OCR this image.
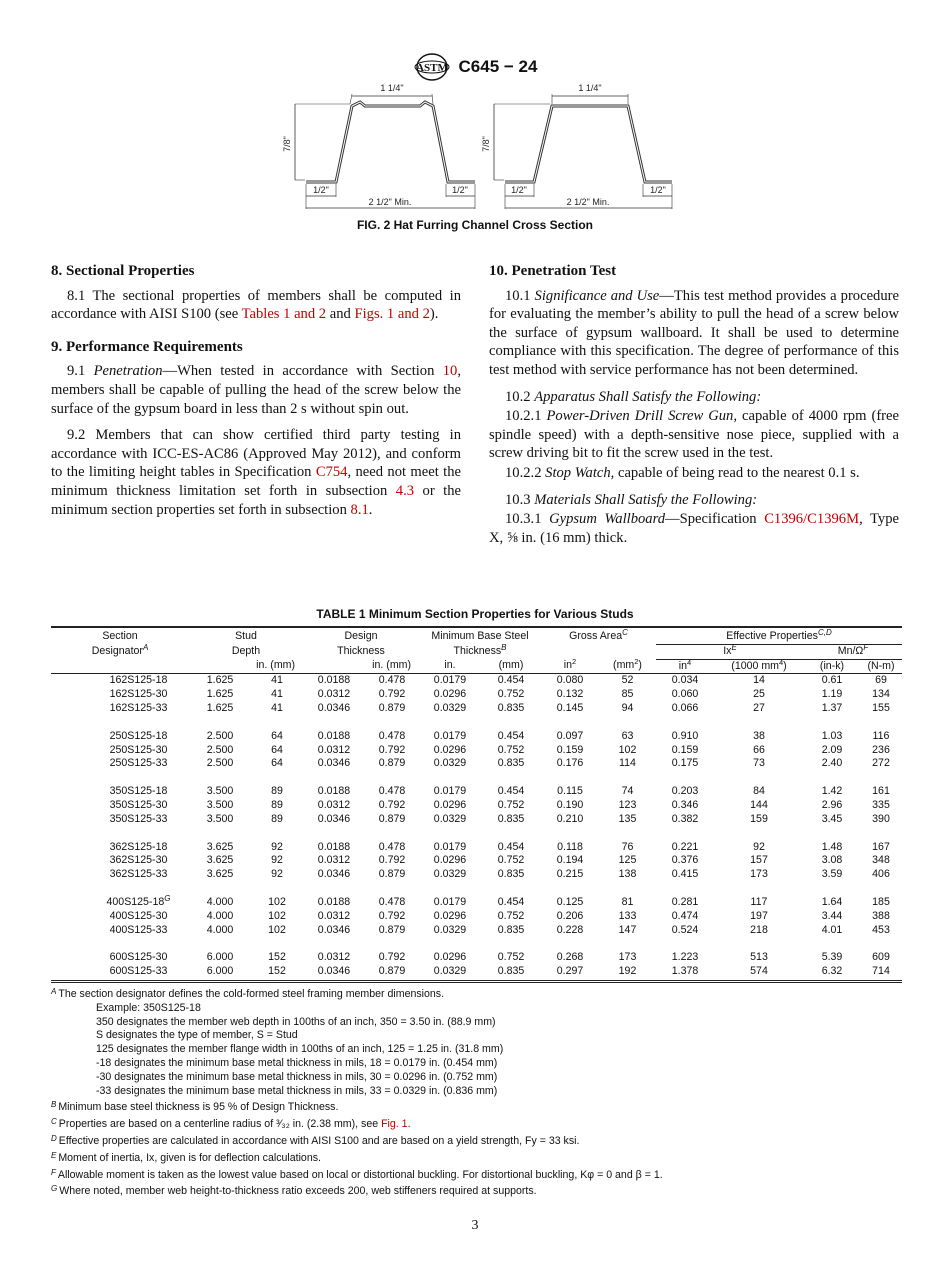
ASTM C645 − 24
1 1/4"
7/8"
1/2"	1/2"
2 1/2" Min.
1 1/4"
7/8"
1/2"	1/2"
2 1/2" Min.
FIG. 2 Hat Furring Channel Cross Section
8. Sectional Properties

8.1 The sectional properties of members shall be computed in accordance with AISI S100 (see Tables 1 and 2 and Figs. 1 and 2).

9. Performance Requirements

9.1 Penetration—When tested in accordance with Section 10, members shall be capable of pulling the head of the screw below the surface of the gypsum board in less than 2 s without spin out.

9.2 Members that can show certified third party testing in accordance with ICC-ES-AC86 (Approved May 2012), and conform to the limiting height tables in Specification C754, need not meet the minimum thickness limitation set forth in subsection 4.3 or the minimum section properties set forth in subsection 8.1.

10. Penetration Test

10.1 Significance and Use—This test method provides a procedure for evaluating the member’s ability to pull the head of a screw below the surface of gypsum wallboard. It shall be used to determine compliance with this specification. The degree of performance of this test method with service performance has not been determined.

10.2 Apparatus Shall Satisfy the Following:

10.2.1 Power-Driven Drill Screw Gun, capable of 4000 rpm (free spindle speed) with a depth-sensitive nose piece, supplied with a screw driving bit to fit the screw used in the test.

10.2.2 Stop Watch, capable of being read to the nearest 0.1 s.

10.3 Materials Shall Satisfy the Following:

10.3.1 Gypsum Wallboard—Specification C1396/C1396M, Type X, ⅝ in. (16 mm) thick.

TABLE 1 Minimum Section Properties for Various Studs
Section	Stud		Design		Minimum Base Steel		Gross Area$^C$		Effective Properties$^{C,D}$
Designator$^A$	Depth		Thickness		Thickness$^B$				Ix$^E$		Mn/Ω$^F$
	in. (mm)		in. (mm)		in.	(mm)	$in^2$	$(mm^2)$	$in^4$	(1000 $mm^4$)	(in-k)	(N-m)
162S125-18	1.625	41	0.0188	0.478	0.0179	0.454	0.080	52	0.034	14	0.61	69
162S125-30	1.625	41	0.0312	0.792	0.0296	0.752	0.132	85	0.060	25	1.19	134
162S125-33	1.625	41	0.0346	0.879	0.0329	0.835	0.145	94	0.066	27	1.37	155

250S125-18	2.500	64	0.0188	0.478	0.0179	0.454	0.097	63	0.910	38	1.03	116
250S125-30	2.500	64	0.0312	0.792	0.0296	0.752	0.159	102	0.159	66	2.09	236
250S125-33	2.500	64	0.0346	0.879	0.0329	0.835	0.176	114	0.175	73	2.40	272

350S125-18	3.500	89	0.0188	0.478	0.0179	0.454	0.115	74	0.203	84	1.42	161
350S125-30	3.500	89	0.0312	0.792	0.0296	0.752	0.190	123	0.346	144	2.96	335
350S125-33	3.500	89	0.0346	0.879	0.0329	0.835	0.210	135	0.382	159	3.45	390

362S125-18	3.625	92	0.0188	0.478	0.0179	0.454	0.118	76	0.221	92	1.48	167
362S125-30	3.625	92	0.0312	0.792	0.0296	0.752	0.194	125	0.376	157	3.08	348
362S125-33	3.625	92	0.0346	0.879	0.0329	0.835	0.215	138	0.415	173	3.59	406

400S125-18$^G$	4.000	102	0.0188	0.478	0.0179	0.454	0.125	81	0.281	117	1.64	185
400S125-30	4.000	102	0.0312	0.792	0.0296	0.752	0.206	133	0.474	197	3.44	388
400S125-33	4.000	102	0.0346	0.879	0.0329	0.835	0.228	147	0.524	218	4.01	453

600S125-30	6.000	152	0.0312	0.792	0.0296	0.752	0.268	173	1.223	513	5.39	609
600S125-33	6.000	152	0.0346	0.879	0.0329	0.835	0.297	192	1.378	574	6.32	714
$^A$ The section designator defines the cold-formed steel framing member dimensions.
Example: 350S125-18
350 designates the member web depth in 100ths of an inch, 350 = 3.50 in. (88.9 mm)
S designates the type of member, S = Stud
125 designates the member flange width in 100ths of an inch, 125 = 1.25 in. (31.8 mm)
-18 designates the minimum base metal thickness in mils, 18 = 0.0179 in. (0.454 mm)
-30 designates the minimum base metal thickness in mils, 30 = 0.0296 in. (0.752 mm)
-33 designates the minimum base metal thickness in mils, 33 = 0.0329 in. (0.836 mm)
$^B$ Minimum base steel thickness is 95 % of Design Thickness.
$^C$ Properties are based on a centerline radius of ³⁄₃₂ in. (2.38 mm), see Fig. 1.
$^D$ Effective properties are calculated in accordance with AISI S100 and are based on a yield strength, Fy = 33 ksi.
$^E$ Moment of inertia, Ix, given is for deflection calculations.
$^F$ Allowable moment is taken as the lowest value based on local or distortional buckling. For distortional buckling, Kφ = 0 and β = 1.
$^G$ Where noted, member web height-to-thickness ratio exceeds 200, web stiffeners required at supports.
3
